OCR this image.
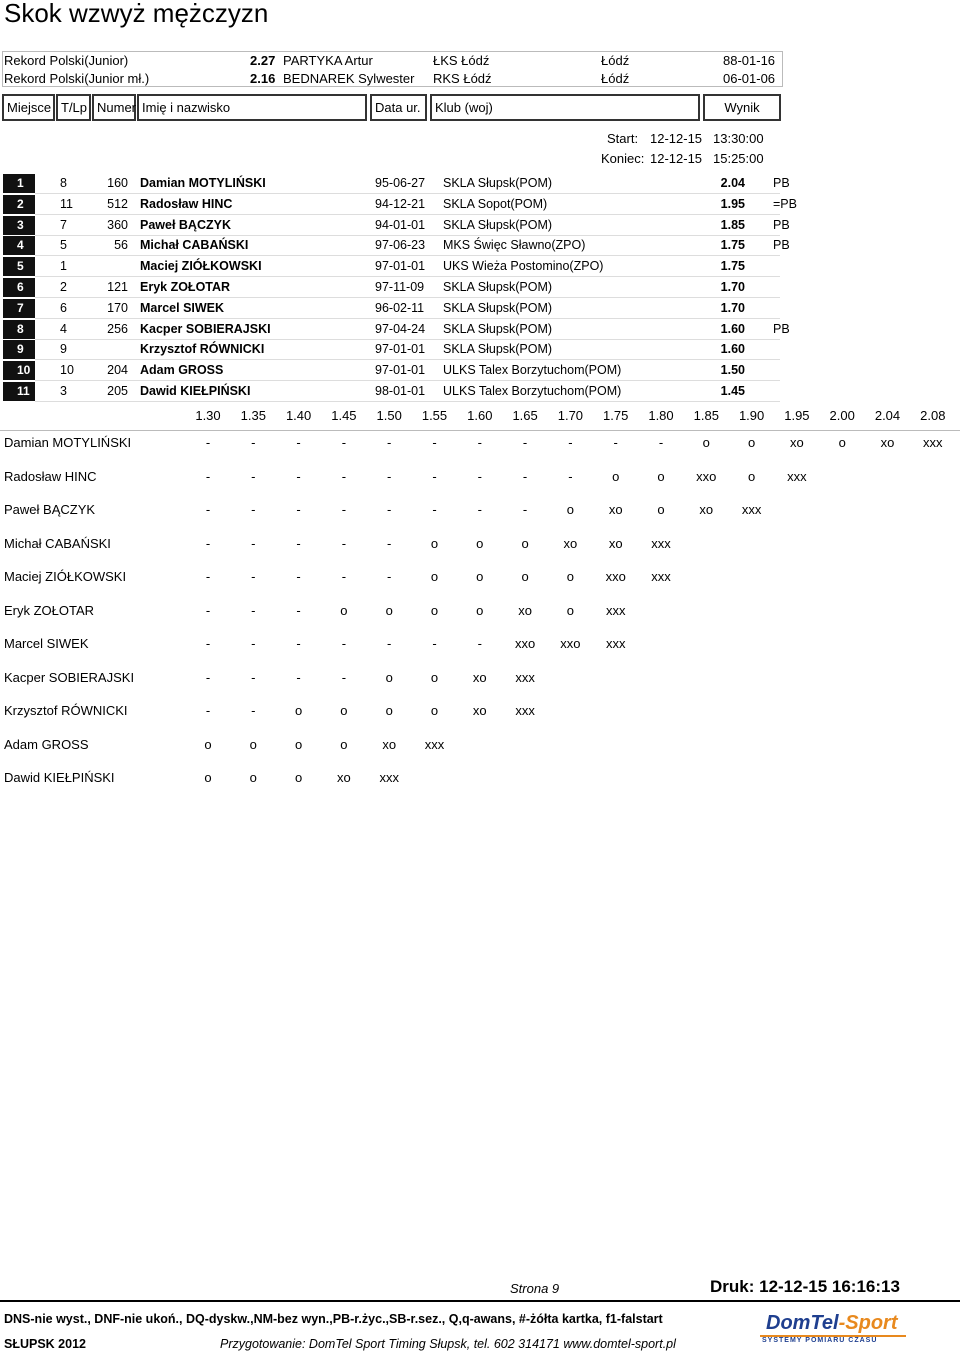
Skok wzwyż mężczyzn
Rekord Polski(Junior)	2.27 PARTYKA Artur	ŁKS Łódź	Łódź	88-01-16
Rekord Polski(Junior mł.)	2.16 BEDNAREK Sylwester RKS Łódź	Łódź	06-01-06
Miejsce T/Lp Numer Imię i nazwisko	Data ur.	Klub (woj)	Wynik
Start: 12-12-15 13:30:00
Koniec: 12-12-15 15:25:00
1	8	160 Damian MOTYLIŃSKI	95-06-27 SKLA Słupsk(POM)	2.04 PB
2	11	512 Radosław HINC	94-12-21 SKLA Sopot(POM)	1.95 =PB
3	7	360 Paweł BĄCZYK	94-01-01 SKLA Słupsk(POM)	1.85 PB
4	5	56 Michał CABAŃSKI	97-06-23 MKS Święc Sławno(ZPO)	1.75 PB
5	1	Maciej ZIÓŁKOWSKI	97-01-01 UKS Wieża Postomino(ZPO)	1.75
6	2	121 Eryk ZOŁOTAR	97-11-09 SKLA Słupsk(POM)	1.70
7	6	170 Marcel SIWEK	96-02-11 SKLA Słupsk(POM)	1.70
8	4	256 Kacper SOBIERAJSKI	97-04-24 SKLA Słupsk(POM)	1.60 PB
9	9	Krzysztof RÓWNICKI	97-01-01 SKLA Słupsk(POM)	1.60
10	10	204 Adam GROSS	97-01-01 ULKS Talex Borzytuchom(POM)	1.50
11	3	205 Dawid KIEŁPIŃSKI	98-01-01 ULKS Talex Borzytuchom(POM)	1.45
1.30	1.35	1.40	1.45	1.50	1.55	1.60	1.65	1.70	1.75	1.80	1.85	1.90	1.95	2.00	2.04	2.08
Damian MOTYLIŃSKI	-	-	-	-	-	-	-	-	-	-	-	o	o	xo	o	xo	xxx
Radosław HINC	-	-	-	-	-	-	-	-	-	o	o	xxo	o	xxx
Paweł BĄCZYK	-	-	-	-	-	-	-	-	o	xo	o	xo	xxx
Michał CABAŃSKI	-	-	-	-	-	o	o	o	xo	xo	xxx
Maciej ZIÓŁKOWSKI	-	-	-	-	-	o	o	o	o	xxo	xxx
Eryk ZOŁOTAR	-	-	-	o	o	o	o	xo	o	xxx
Marcel SIWEK	-	-	-	-	-	-	-	xxo	xxo	xxx
Kacper SOBIERAJSKI	-	-	-	-	o	o	xo	xxx
Krzysztof RÓWNICKI	-	-	o	o	o	o	xo	xxx
Adam GROSS	o	o	o	o	xo	xxx
Dawid KIEŁPIŃSKI	o	o	o	xo	xxx
Strona 9	Druk: 12-12-15 16:16:13
DNS-nie wyst., DNF-nie ukoń., DQ-dyskw.,NM-bez wyn.,PB-r.życ.,SB-r.sez., Q,q-awans, #-żółta kartka, f1-falstart
SŁUPSK 2012	Przygotowanie: DomTel Sport Timing Słupsk, tel. 602 314171 www.domtel-sport.pl
DomTel-Sport
SYSTEMY POMIARU CZASU
